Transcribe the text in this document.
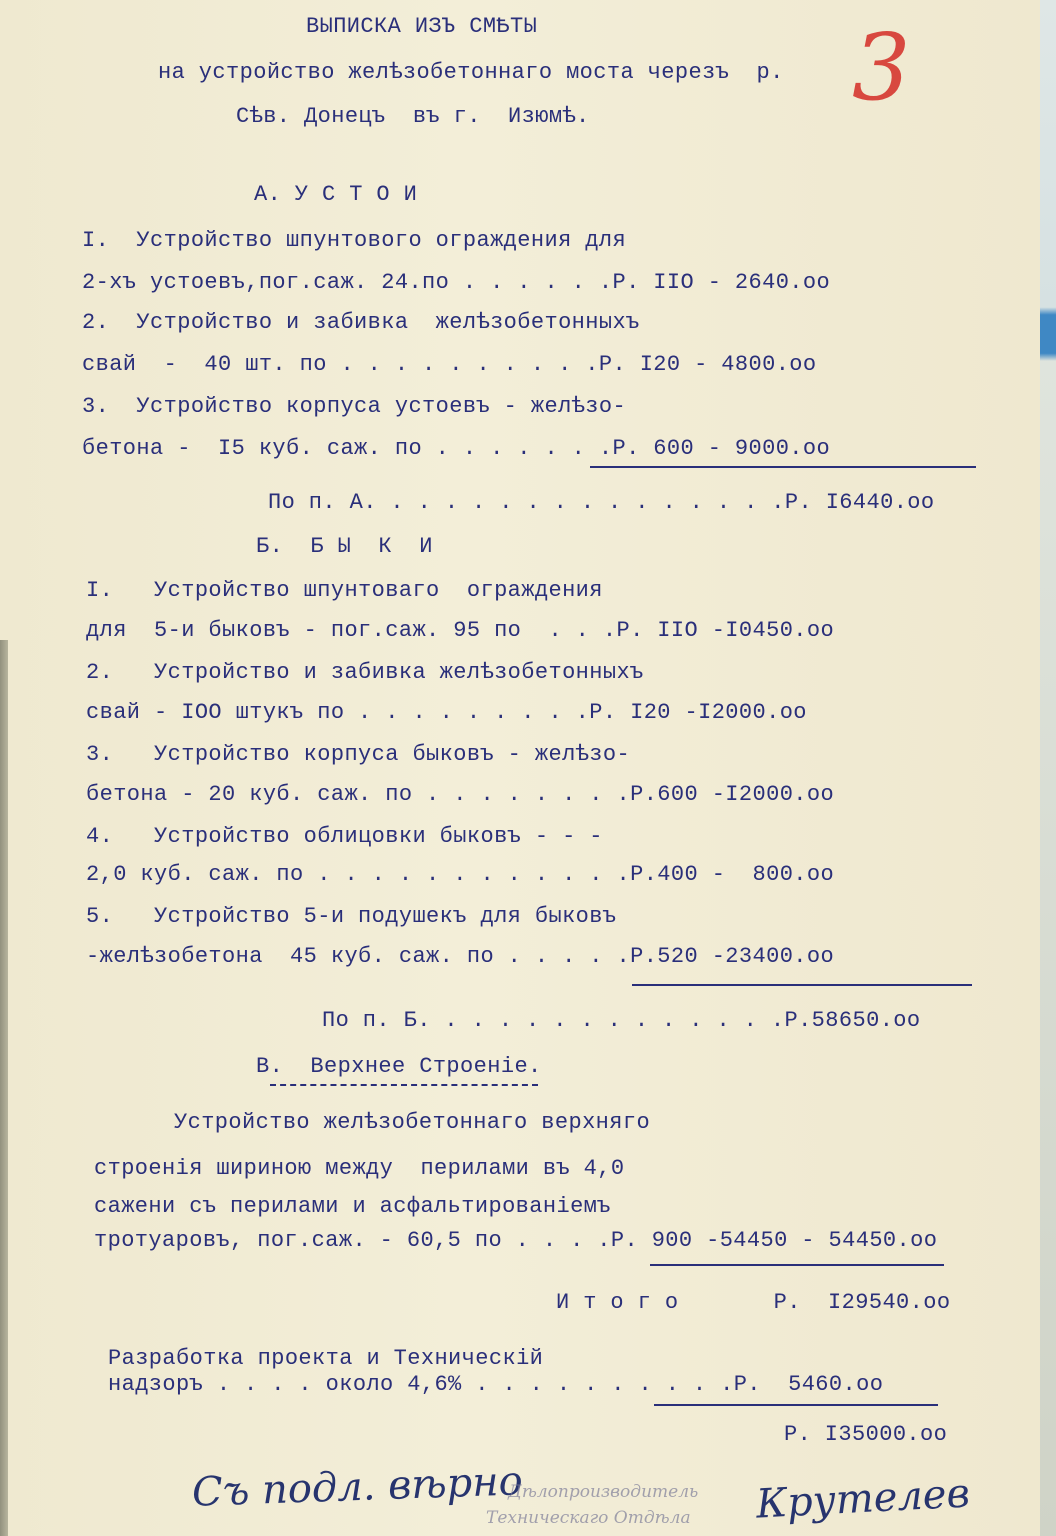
3
ВЫПИСКА ИЗЪ СМѢТЫ
на устройство желѣзобетоннаго моста черезъ  р.
Сѣв. Донецъ  въ г.  Изюмѣ.
А. У С Т О И
I.  Устройство шпунтового ограждения для
2-хъ устоевъ,пог.саж. 24.по . . . . . .Р. IIO - 2640.oo
2.  Устройство и забивка  желѣзобетонныхъ
свай  -  40 шт. по . . . . . . . . . .Р. I20 - 4800.oo
3.  Устройство корпуса устоевъ - желѣзо-
бетона -  I5 куб. саж. по . . . . . . .Р. 600 - 9000.oo
По п. А. . . . . . . . . . . . . . . .Р. I6440.oo
Б.  Б Ы  К  И
I.   Устройство шпунтоваго  ограждения
для  5-и быковъ - пог.саж. 95 по  . . .Р. IIO -I0450.oo
2.   Устройство и забивка желѣзобетонныхъ
свай - IOO штукъ по . . . . . . . . .Р. I20 -I2000.oo
3.   Устройство корпуса быковъ - желѣзо-
бетона - 20 куб. саж. по . . . . . . . .Р.600 -I2000.oo
4.   Устройство облицовки быковъ - - -
2,0 куб. саж. по . . . . . . . . . . . .Р.400 -  800.oo
5.   Устройство 5-и подушекъ для быковъ
-желѣзобетона  45 куб. саж. по . . . . .Р.520 -23400.oo
По п. Б. . . . . . . . . . . . . .Р.58650.oo
В.  Верхнее Строенiе.
Устройство желѣзобетоннаго верхняго
строенiя шириною между  перилами въ 4,0
сажени съ перилами и асфальтированiемъ
тротуаровъ, пог.саж. - 60,5 по . . . .Р. 900 -54450 - 54450.oo
И т о г о       Р.  I29540.oo
Разработка проекта и Техническiй
надзоръ . . . . около 4,6% . . . . . . . . . .Р.  5460.oo
Р. I35000.oo
Съ подл. вѣрно
Дѣлопроизводитель
Техническаго Отдѣла Крутелев
